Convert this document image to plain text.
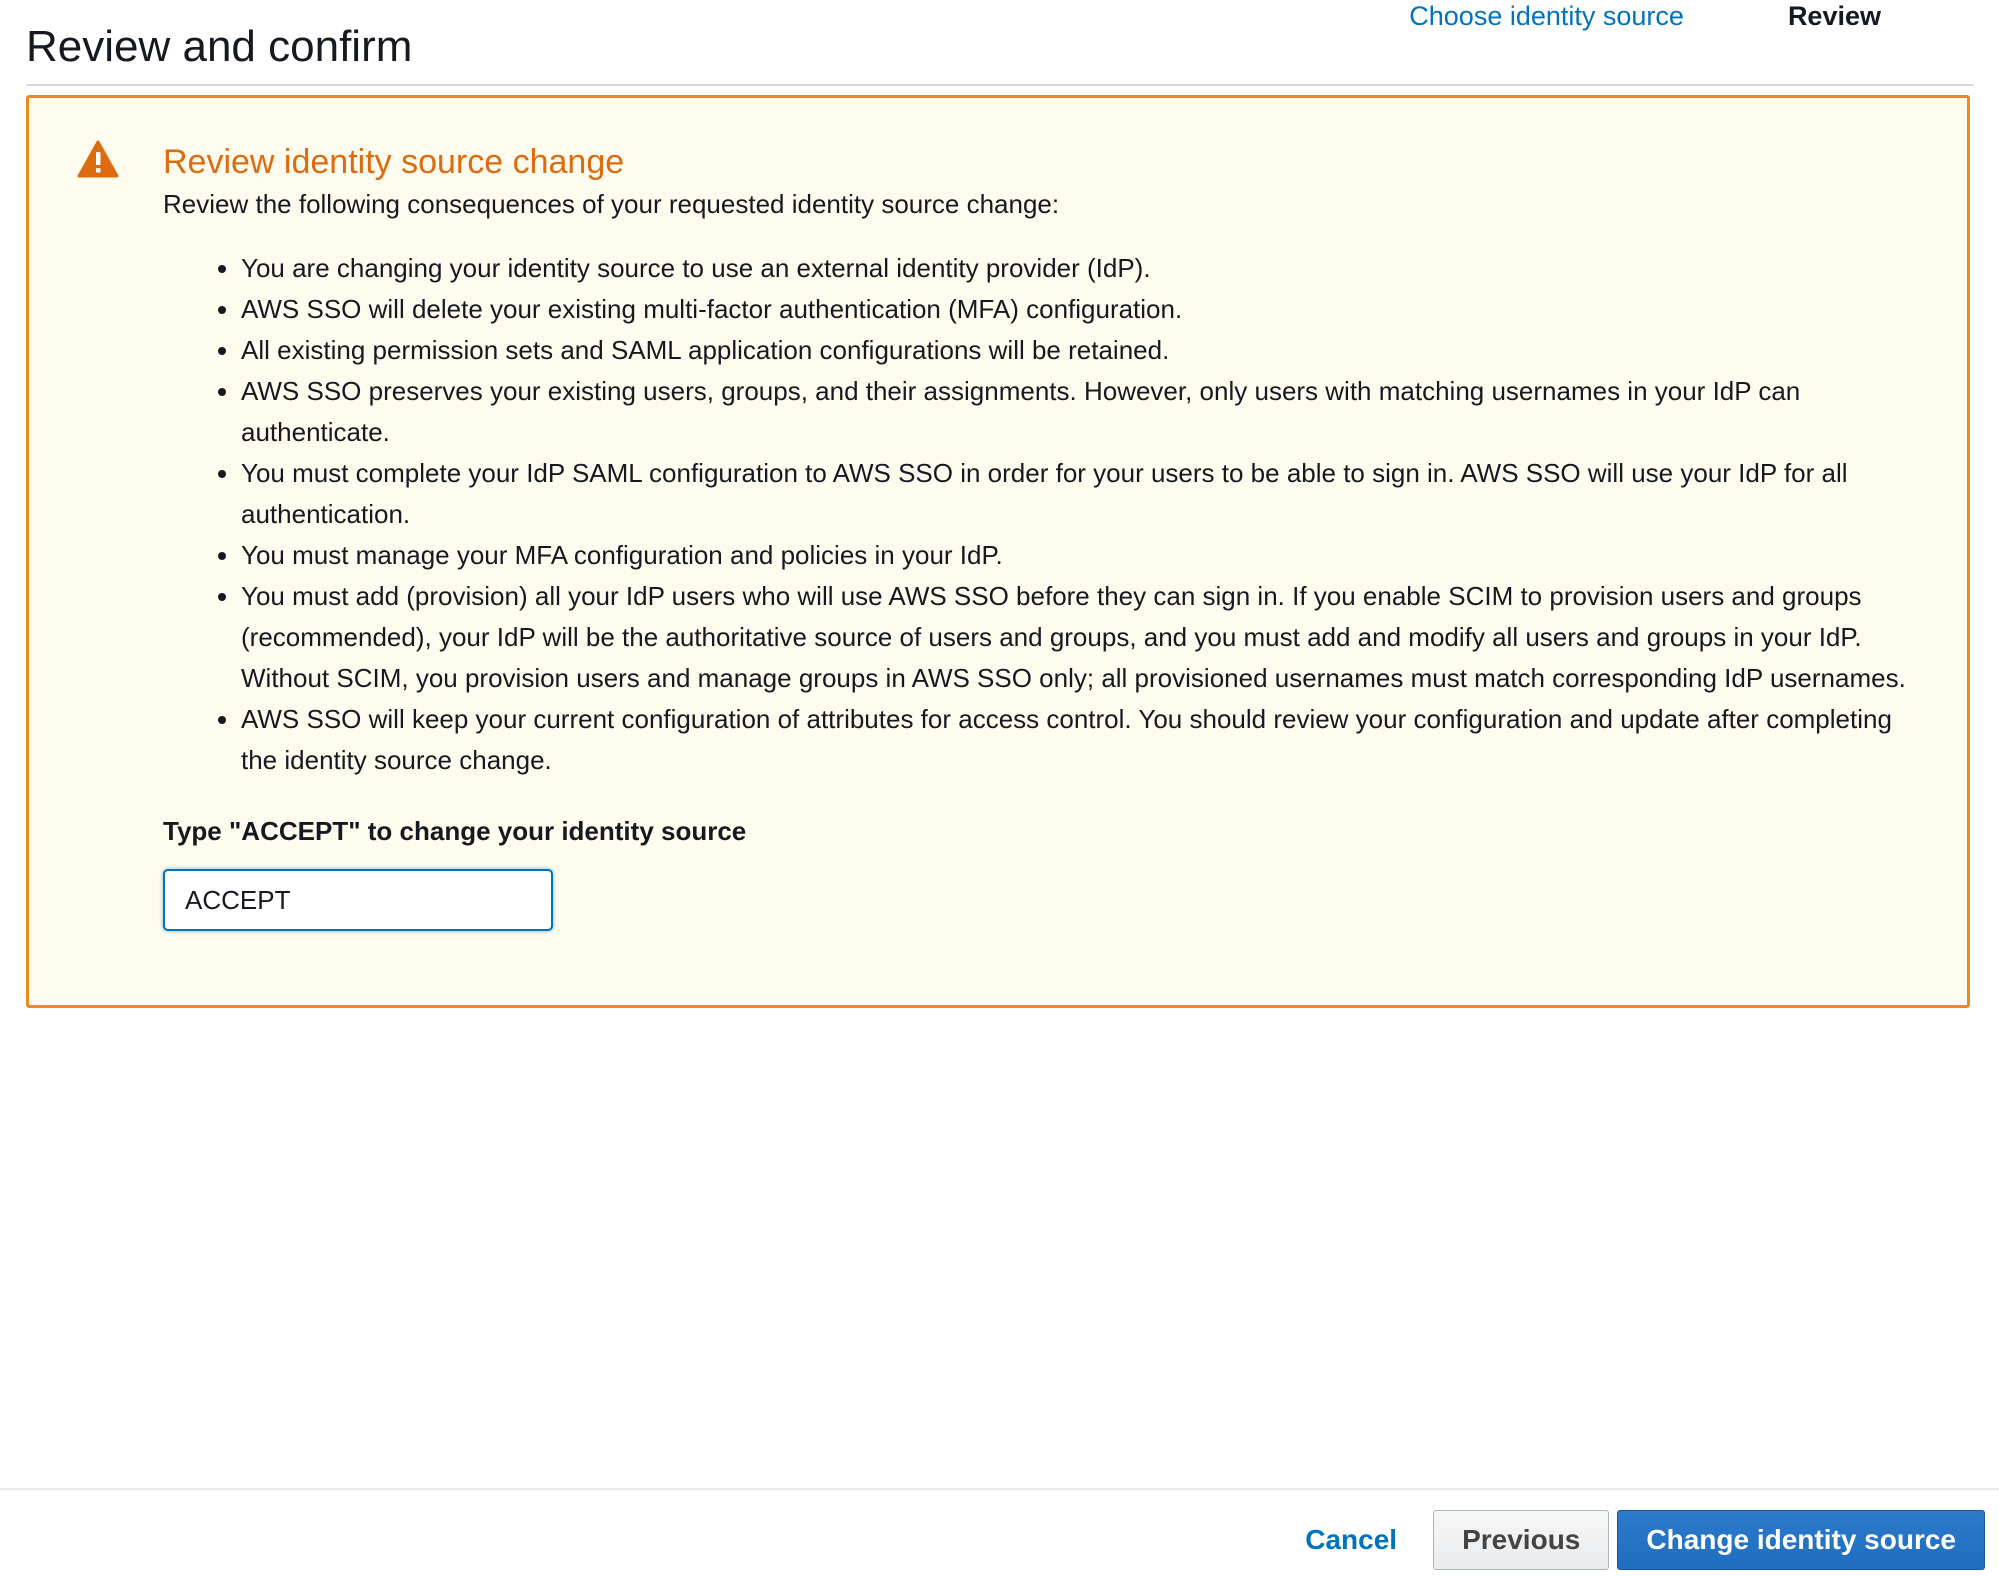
Choose identity source	Review
Review and confirm
Review identity source change

Review the following consequences of your requested identity source change:

• You are changing your identity source to use an external identity provider (IdP).
• AWS SSO will delete your existing multi-factor authentication (MFA) configuration.
• All existing permission sets and SAML application configurations will be retained.
• AWS SSO preserves your existing users, groups, and their assignments. However, only users with matching usernames in your IdP can authenticate.
• You must complete your IdP SAML configuration to AWS SSO in order for your users to be able to sign in. AWS SSO will use your IdP for all authentication.
• You must manage your MFA configuration and policies in your IdP.
• You must add (provision) all your IdP users who will use AWS SSO before they can sign in. If you enable SCIM to provision users and groups (recommended), your IdP will be the authoritative source of users and groups, and you must add and modify all users and groups in your IdP. Without SCIM, you provision users and manage groups in AWS SSO only; all provisioned usernames must match corresponding IdP usernames.
• AWS SSO will keep your current configuration of attributes for access control. You should review your configuration and update after completing the identity source change.
Type "ACCEPT" to change your identity source
ACCEPT
Cancel	Previous	Change identity source
